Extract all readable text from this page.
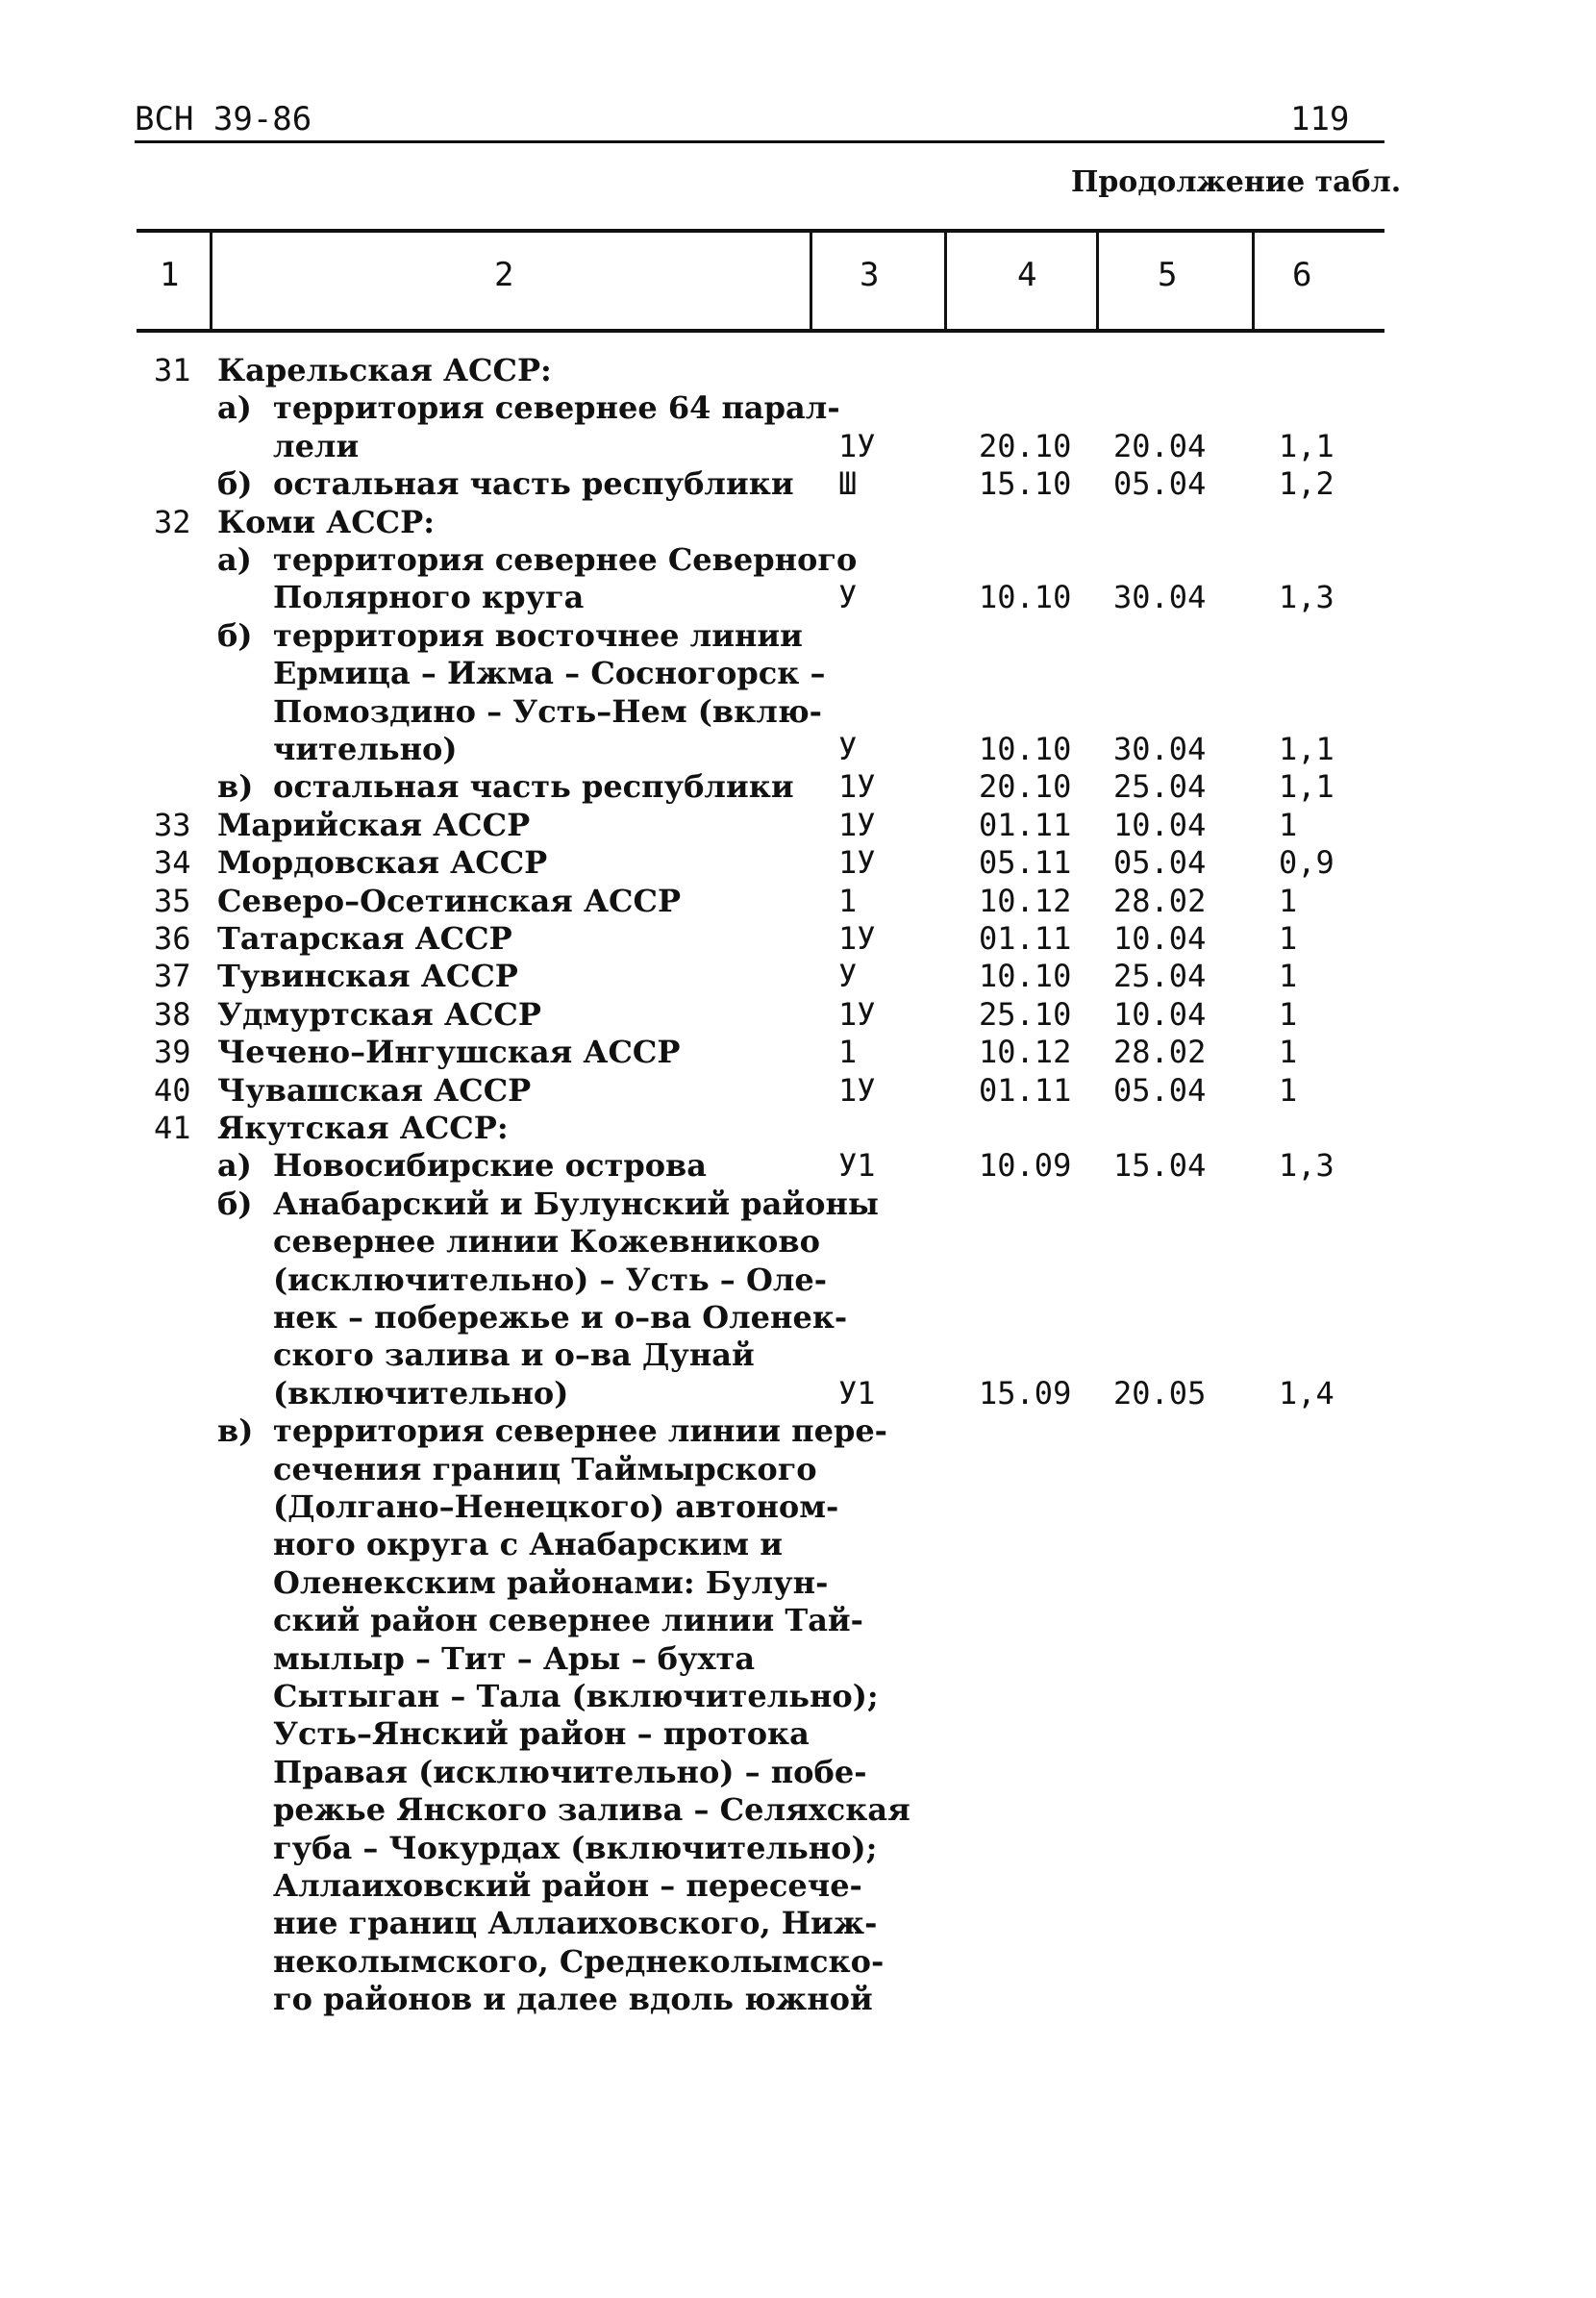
ВСН 39-86	119
Продолжение табл.
1	2	3	4	5	6
31 Карельская АССР:
а) территория севернее 64 парал-
лели	1У	20.10 20.04 1,1
б) остальная часть республики Ш	15.10 05.04 1,2
32 Коми АССР:
а) территория севернее Северного
Полярного круга	У	10.10 30.04 1,3
б) территория восточнее линии
Ермица – Ижма – Сосногорск –
Помоздино – Усть–Нем (вклю-
чительно)	У	10.10 30.04 1,1
в) остальная часть республики 1У	20.10 25.04 1,1
33 Марийская АССР	1У	01.11 10.04 1
34 Мордовская АССР	1У	05.11 05.04 0,9
35 Северо–Осетинская АССР	1	10.12 28.02 1
36 Татарская АССР	1У	01.11 10.04 1
37 Тувинская АССР	У	10.10 25.04 1
38 Удмуртская АССР	1У	25.10 10.04 1
39 Чечено–Ингушская АССР	1	10.12 28.02 1
40 Чувашская АССР	1У	01.11 05.04 1
41 Якутская АССР:
а) Новосибирские острова	У1	10.09 15.04 1,3
б) Анабарский и Булунский районы
севернее линии Кожевниково
(исключительно) – Усть – Оле-
нек – побережье и о–ва Оленек-
ского залива и о–ва Дунай
(включительно)	У1	15.09 20.05 1,4
в) территория севернее линии пере-
сечения границ Таймырского
(Долгано–Ненецкого) автоном-
ного округа с Анабарским и
Оленекским районами: Булун-
ский район севернее линии Тай-
мылыр – Тит – Ары – бухта
Сытыган – Тала (включительно);
Усть–Янский район – протока
Правая (исключительно) – побе-
режье Янского залива – Селяхская
губа – Чокурдах (включительно);
Аллаиховский район – пересече-
ние границ Аллаиховского, Ниж-
неколымского, Среднеколымско-
го районов и далее вдоль южной
